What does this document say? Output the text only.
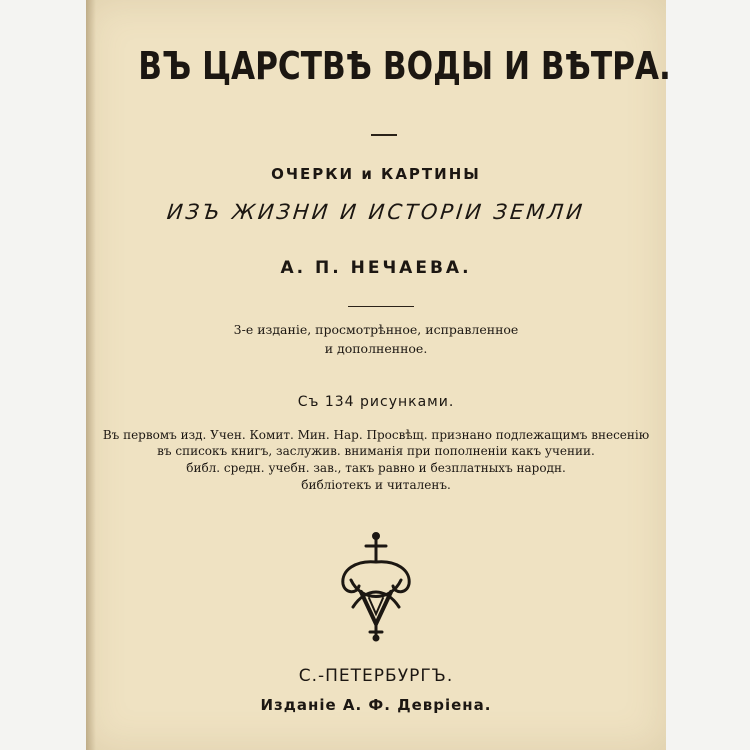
ВЪ ЦАРСТВѢ ВОДЫ И ВѢТРА.
ОЧЕРКИ и КАРТИНЫ
ИЗЪ ЖИЗНИ И ИСТОРІИ ЗЕМЛИ
А. П. НЕЧАЕВА.
3-е изданіе, просмотрѣнное, исправленное
и дополненное.
Съ 134 рисунками.
Въ первомъ изд. Учен. Комит. Мин. Нар. Просвѣщ. признано подлежащимъ внесенію
въ списокъ книгъ, заслужив. вниманія при пополненіи какъ учении.
библ. средн. учебн. зав., такъ равно и безплатныхъ народн.
библіотекъ и читаленъ.
С.-ПЕТЕРБУРГЪ.
Изданіе А. Ф. Девріена.
